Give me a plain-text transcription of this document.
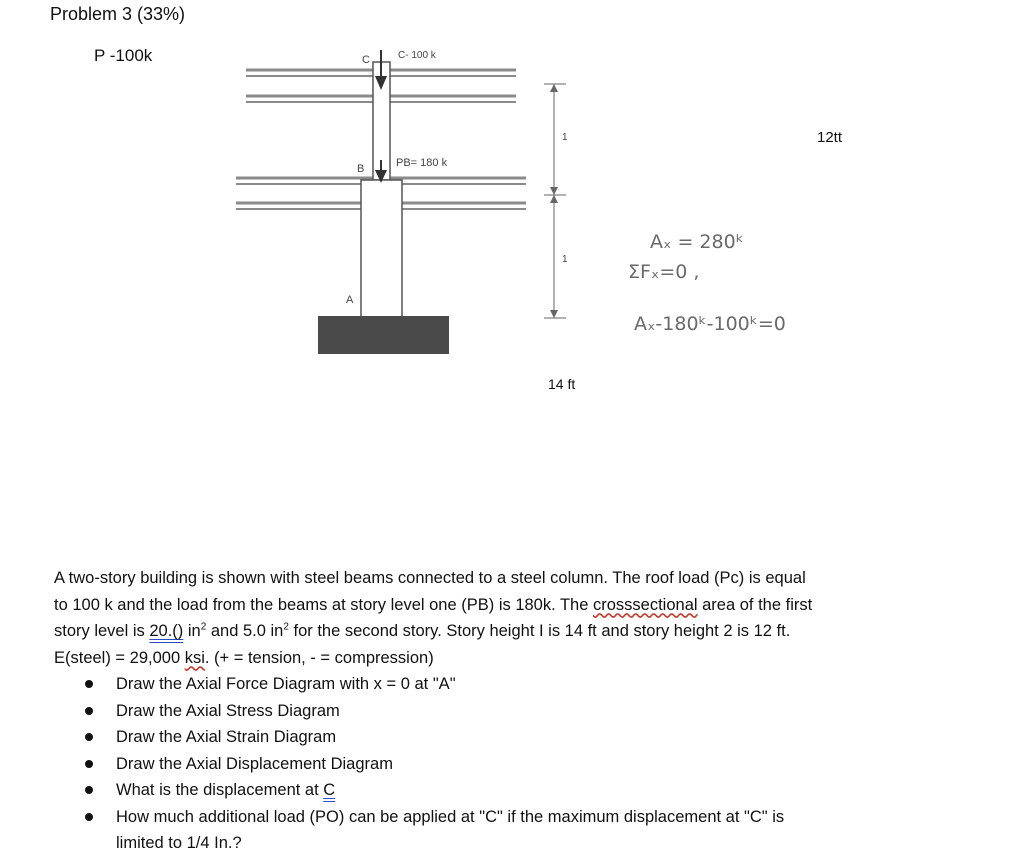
Problem 3 (33%)
P -100k	C	C- 100 k
B	PB= 180 k
A
1
1
Aₓ = 280ᵏ
ΣFₓ=0 ,
Aₓ-180ᵏ-100ᵏ=0
12tt
14 ft

A two-story building is shown with steel beams connected to a steel column. The roof load (Pc) is equal to 100 k and the load from the beams at story level one (PB) is 180k. The crosssectional area of the first story level is 20.() $in^2$ and 5.0 $in^2$ for the second story. Story height I is 14 ft and story height 2 is 12 ft. E(steel) = 29,000 ksi. (+ = tension, - = compression)

Draw the Axial Force Diagram with x = 0 at "A"
Draw the Axial Stress Diagram
Draw the Axial Strain Diagram
Draw the Axial Displacement Diagram
What is the displacement at C
How much additional load (PO) can be applied at "C" if the maximum displacement at "C" is limited to 1/4 In.?
